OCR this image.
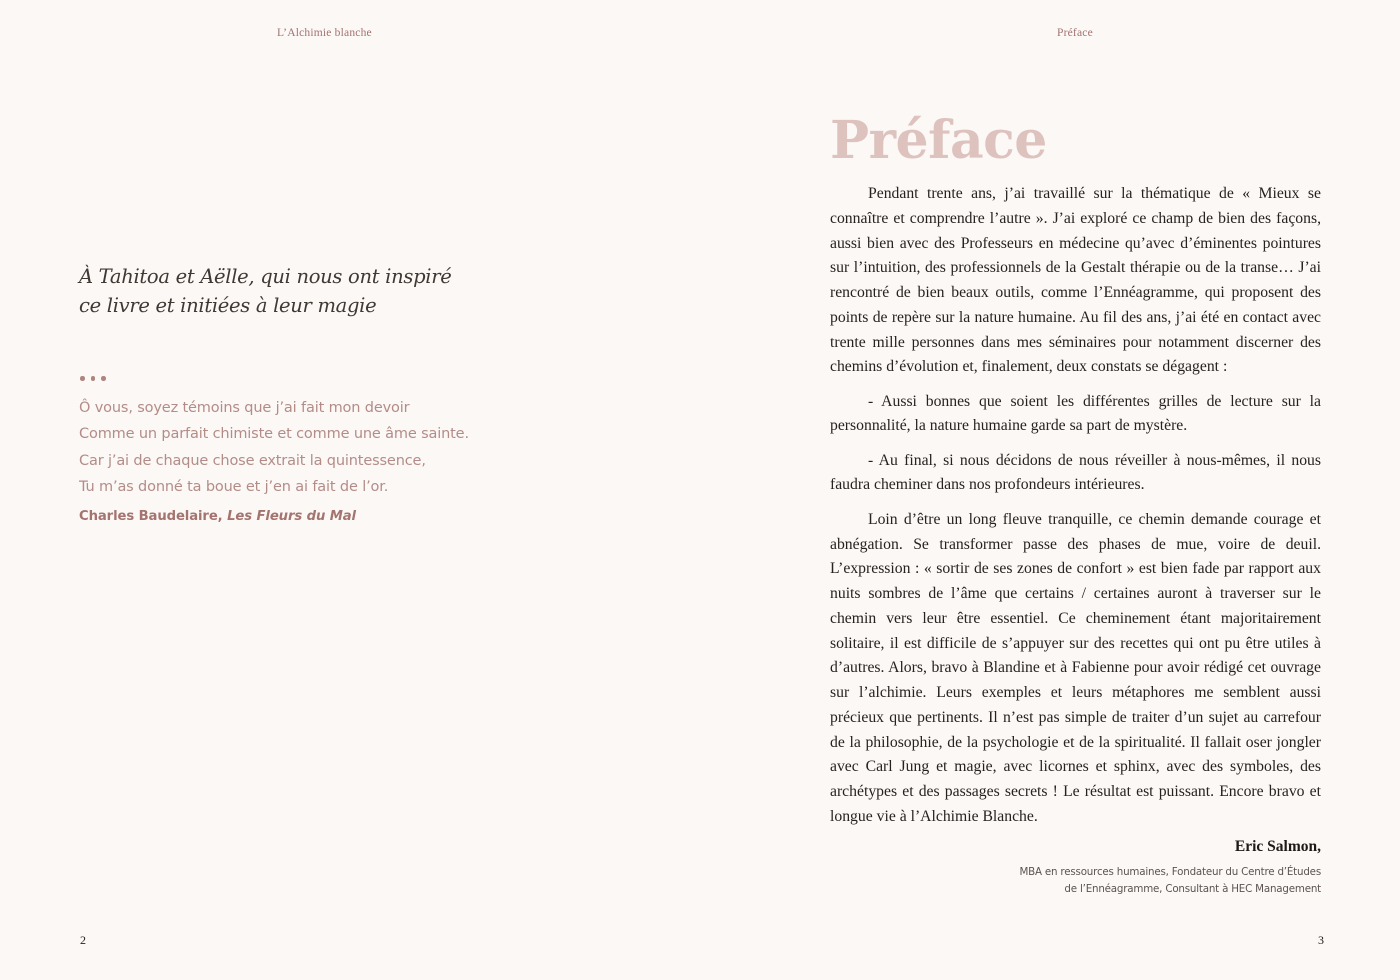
L’Alchimie blanche
À Tahitoa et Aëlle, qui nous ont inspiré
ce livre et initiées à leur magie
Ô vous, soyez témoins que j’ai fait mon devoir
Comme un parfait chimiste et comme une âme sainte.
Car j’ai de chaque chose extrait la quintessence,
Tu m’as donné ta boue et j’en ai fait de l’or.
Charles Baudelaire, Les Fleurs du Mal
2
Préface
Préface

Pendant trente ans, j’ai travaillé sur la thématique de « Mieux se connaître et comprendre l’autre ». J’ai exploré ce champ de bien des façons, aussi bien avec des Professeurs en médecine qu’avec d’éminentes pointures sur l’intuition, des professionnels de la Gestalt thérapie ou de la transe… J’ai rencontré de bien beaux outils, comme l’Ennéagramme, qui proposent des points de repère sur la nature humaine. Au fil des ans, j’ai été en contact avec trente mille personnes dans mes séminaires pour notamment discerner des chemins d’évolution et, finalement, deux constats se dégagent :

- Aussi bonnes que soient les différentes grilles de lecture sur la personnalité, la nature humaine garde sa part de mystère.

- Au final, si nous décidons de nous réveiller à nous-mêmes, il nous faudra cheminer dans nos profondeurs intérieures.

Loin d’être un long fleuve tranquille, ce chemin demande courage et abnégation. Se transformer passe des phases de mue, voire de deuil. L’expression : « sortir de ses zones de confort » est bien fade par rapport aux nuits sombres de l’âme que certains / certaines auront à traverser sur le chemin vers leur être essentiel. Ce cheminement étant majoritairement solitaire, il est difficile de s’appuyer sur des recettes qui ont pu être utiles à d’autres. Alors, bravo à Blandine et à Fabienne pour avoir rédigé cet ouvrage sur l’alchimie. Leurs exemples et leurs métaphores me semblent aussi précieux que pertinents. Il n’est pas simple de traiter d’un sujet au carrefour de la philosophie, de la psychologie et de la spiritualité. Il fallait oser jongler avec Carl Jung et magie, avec licornes et sphinx, avec des symboles, des archétypes et des passages secrets ! Le résultat est puissant. Encore bravo et longue vie à l’Alchimie Blanche.

Eric Salmon,
MBA en ressources humaines, Fondateur du Centre d’Études
de l’Ennéagramme, Consultant à HEC Management
3
